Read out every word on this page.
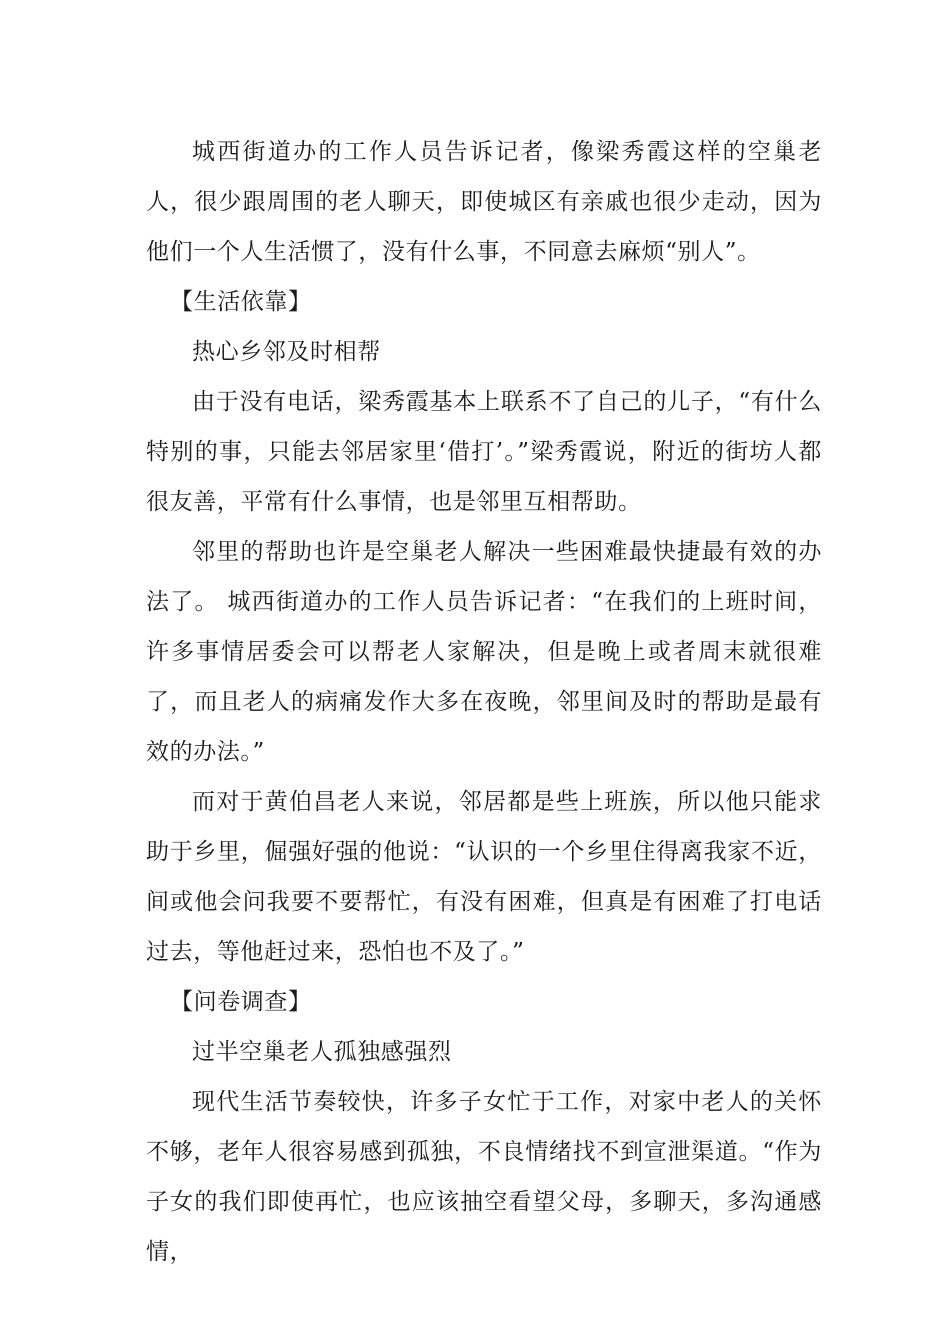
城西街道办的工作人员告诉记者，像梁秀霞这样的空巢老人，很少跟周围的老人聊天，即使城区有亲戚也很少走动，因为他们一个人生活惯了，没有什么事，不同意去麻烦“别人”。

【生活依靠】

热心乡邻及时相帮

由于没有电话，梁秀霞基本上联系不了自己的儿子，“有什么特别的事，只能去邻居家里‘借打’。”梁秀霞说，附近的街坊人都很友善，平常有什么事情，也是邻里互相帮助。

邻里的帮助也许是空巢老人解决一些困难最快捷最有效的办法了。 城西街道办的工作人员告诉记者：“在我们的上班时间，许多事情居委会可以帮老人家解决，但是晚上或者周末就很难了，而且老人的病痛发作大多在夜晚，邻里间及时的帮助是最有效的办法。”

而对于黄伯昌老人来说，邻居都是些上班族，所以他只能求助于乡里，倔强好强的他说：“认识的一个乡里住得离我家不近，间或他会问我要不要帮忙，有没有困难，但真是有困难了打电话过去，等他赶过来，恐怕也不及了。”

【问卷调查】

过半空巢老人孤独感强烈

现代生活节奏较快，许多子女忙于工作，对家中老人的关怀不够，老年人很容易感到孤独，不良情绪找不到宣泄渠道。“作为子女的我们即使再忙，也应该抽空看望父母，多聊天，多沟通感情，
